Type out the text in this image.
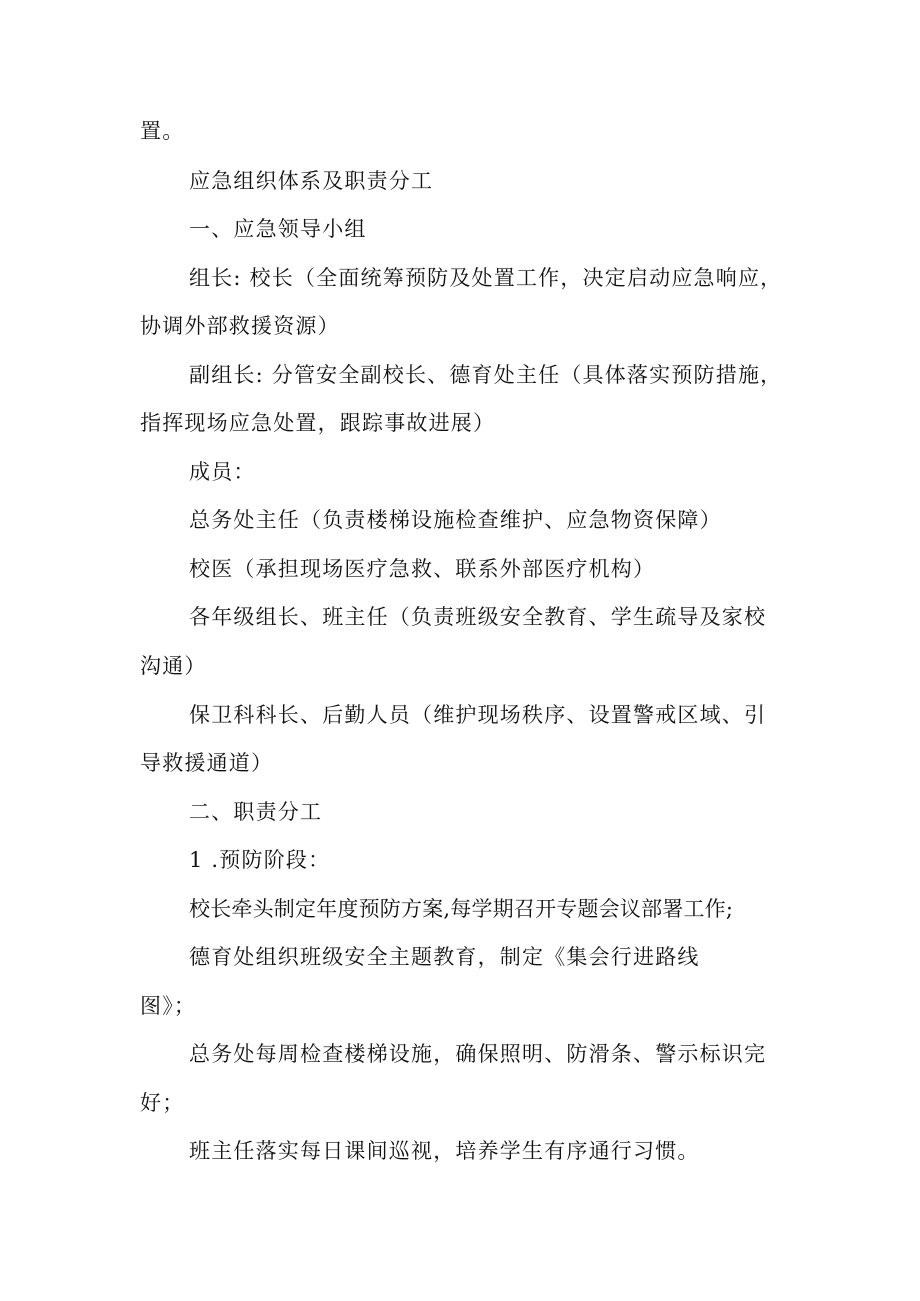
置。
应急组织体系及职责分工
一、应急领导小组
组长: 校长（全面统筹预防及处置工作，决定启动应急响应，
协调外部救援资源）
副组长: 分管安全副校长、德育处主任（具体落实预防措施，
指挥现场应急处置，跟踪事故进展）
成员：
总务处主任（负责楼梯设施检查维护、应急物资保障）
校医（承担现场医疗急救、联系外部医疗机构）
各年级组长、班主任（负责班级安全教育、学生疏导及家校
沟通）
保卫科科长、后勤人员（维护现场秩序、设置警戒区域、引
导救援通道）
二、职责分工
1 .预防阶段：
校长牵头制定年度预防方案,每学期召开专题会议部署工作;
德育处组织班级安全主题教育，制定《集会行进路线
图》；
总务处每周检查楼梯设施，确保照明、防滑条、警示标识完
好；
班主任落实每日课间巡视，培养学生有序通行习惯。
